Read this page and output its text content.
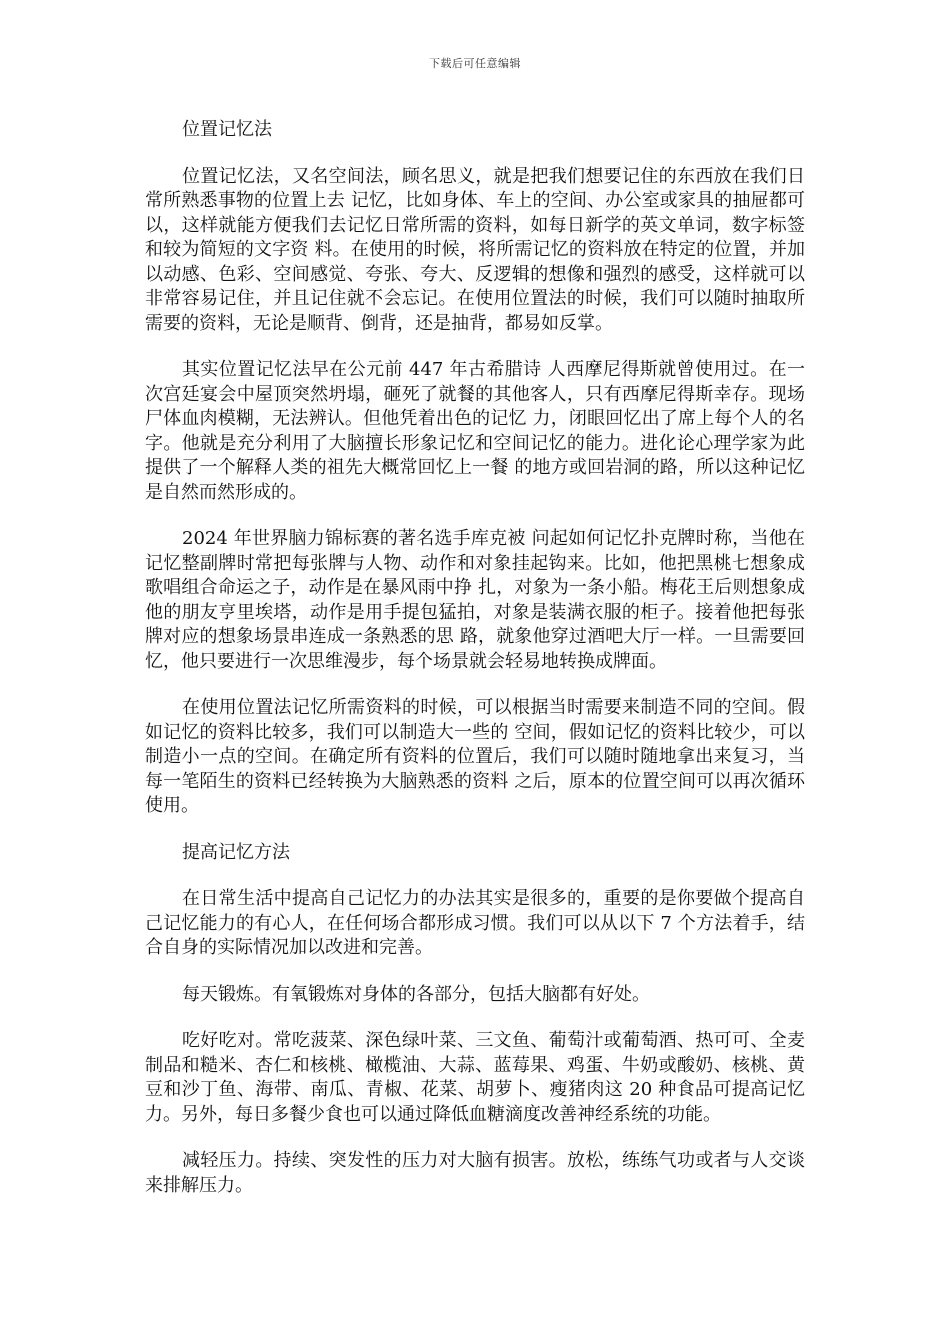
下载后可任意编辑

位置记忆法

位置记忆法，又名空间法，顾名思义，就是把我们想要记住的东西放在我们日常所熟悉事物的位置上去 记忆，比如身体、车上的空间、办公室或家具的抽屉都可以，这样就能方便我们去记忆日常所需的资料，如每日新学的英文单词，数字标签和较为简短的文字资 料。在使用的时候，将所需记忆的资料放在特定的位置，并加以动感、色彩、空间感觉、夸张、夸大、反逻辑的想像和强烈的感受，这样就可以非常容易记住，并且记住就不会忘记。在使用位置法的时候，我们可以随时抽取所需要的资料，无论是顺背、倒背，还是抽背，都易如反掌。

其实位置记忆法早在公元前 447 年古希腊诗 人西摩尼得斯就曾使用过。在一次宫廷宴会中屋顶突然坍塌，砸死了就餐的其他客人，只有西摩尼得斯幸存。现场尸体血肉模糊，无法辨认。但他凭着出色的记忆 力，闭眼回忆出了席上每个人的名字。他就是充分利用了大脑擅长形象记忆和空间记忆的能力。进化论心理学家为此提供了一个解释人类的祖先大概常回忆上一餐 的地方或回岩洞的路，所以这种记忆是自然而然形成的。

2024 年世界脑力锦标赛的著名选手库克被 问起如何记忆扑克牌时称，当他在记忆整副牌时常把每张牌与人物、动作和对象挂起钩来。比如，他把黑桃七想象成歌唱组合命运之子，动作是在暴风雨中挣 扎，对象为一条小船。梅花王后则想象成他的朋友亨里埃塔，动作是用手提包猛拍，对象是装满衣服的柜子。接着他把每张牌对应的想象场景串连成一条熟悉的思 路，就象他穿过酒吧大厅一样。一旦需要回忆，他只要进行一次思维漫步，每个场景就会轻易地转换成牌面。

在使用位置法记忆所需资料的时候，可以根据当时需要来制造不同的空间。假如记忆的资料比较多，我们可以制造大一些的 空间，假如记忆的资料比较少，可以制造小一点的空间。在确定所有资料的位置后，我们可以随时随地拿出来复习，当每一笔陌生的资料已经转换为大脑熟悉的资料 之后，原本的位置空间可以再次循环使用。

提高记忆方法

在日常生活中提高自己记忆力的办法其实是很多的，重要的是你要做个提高自己记忆能力的有心人，在任何场合都形成习惯。我们可以从以下 7 个方法着手，结合自身的实际情况加以改进和完善。

每天锻炼。有氧锻炼对身体的各部分，包括大脑都有好处。

吃好吃对。常吃菠菜、深色绿叶菜、三文鱼、葡萄汁或葡萄酒、热可可、全麦制品和糙米、杏仁和核桃、橄榄油、大蒜、蓝莓果、鸡蛋、牛奶或酸奶、核桃、黄豆和沙丁鱼、海带、南瓜、青椒、花菜、胡萝卜、瘦猪肉这 20 种食品可提高记忆力。另外，每日多餐少食也可以通过降低血糖滴度改善神经系统的功能。

减轻压力。持续、突发性的压力对大脑有损害。放松，练练气功或者与人交谈来排解压力。
